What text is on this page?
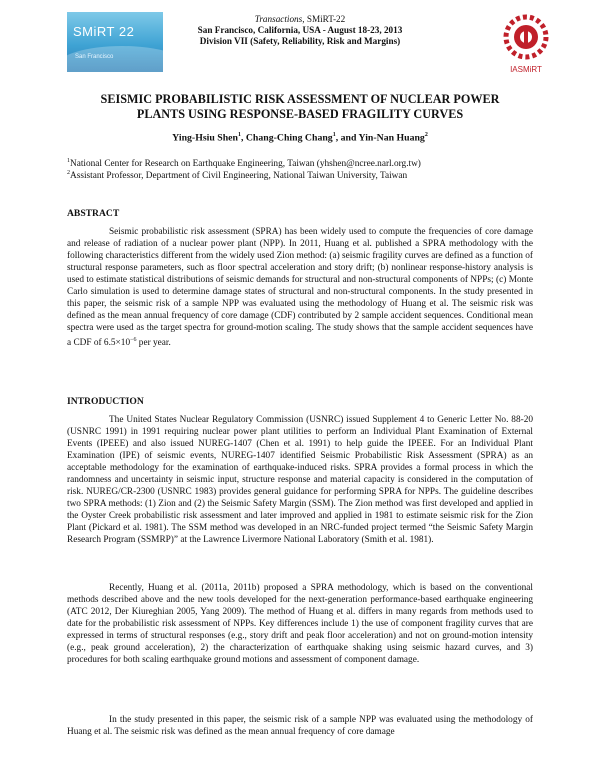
SMiRT 22
San Francisco
Transactions, SMiRT-22
San Francisco, California, USA - August 18-23, 2013
Division VII (Safety, Reliability, Risk and Margins)
IASMiRT
SEISMIC PROBABILISTIC RISK ASSESSMENT OF NUCLEAR POWER
PLANTS USING RESPONSE-BASED FRAGILITY CURVES
Ying-Hsiu Shen$^1$, Chang-Ching Chang$^1$, and Yin-Nan Huang$^2$
$^1$National Center for Research on Earthquake Engineering, Taiwan (yhshen@ncree.narl.org.tw)
$^2$Assistant Professor, Department of Civil Engineering, National Taiwan University, Taiwan
ABSTRACT

Seismic probabilistic risk assessment (SPRA) has been widely used to compute the frequencies of core damage and release of radiation of a nuclear power plant (NPP). In 2011, Huang et al. published a SPRA methodology with the following characteristics different from the widely used Zion method: (a) seismic fragility curves are defined as a function of structural response parameters, such as floor spectral acceleration and story drift; (b) nonlinear response-history analysis is used to estimate statistical distributions of seismic demands for structural and non-structural components of NPPs; (c) Monte Carlo simulation is used to determine damage states of structural and non-structural components. In the study presented in this paper, the seismic risk of a sample NPP was evaluated using the methodology of Huang et al. The seismic risk was defined as the mean annual frequency of core damage (CDF) contributed by 2 sample accident sequences. Conditional mean spectra were used as the target spectra for ground-motion scaling. The study shows that the sample accident sequences have a CDF of $6.5\times 10^{-6}$ per year.

INTRODUCTION

The United States Nuclear Regulatory Commission (USNRC) issued Supplement 4 to Generic Letter No. 88-20 (USNRC 1991) in 1991 requiring nuclear power plant utilities to perform an Individual Plant Examination of External Events (IPEEE) and also issued NUREG-1407 (Chen et al. 1991) to help guide the IPEEE. For an Individual Plant Examination (IPE) of seismic events, NUREG-1407 identified Seismic Probabilistic Risk Assessment (SPRA) as an acceptable methodology for the examination of earthquake-induced risks. SPRA provides a formal process in which the randomness and uncertainty in seismic input, structure response and material capacity is considered in the computation of risk. NUREG/CR-2300 (USNRC 1983) provides general guidance for performing SPRA for NPPs. The guideline describes two SPRA methods: (1) Zion and (2) the Seismic Safety Margin (SSM). The Zion method was first developed and applied in the Oyster Creek probabilistic risk assessment and later improved and applied in 1981 to estimate seismic risk for the Zion Plant (Pickard et al. 1981). The SSM method was developed in an NRC-funded project termed “the Seismic Safety Margin Research Program (SSMRP)” at the Lawrence Livermore National Laboratory (Smith et al. 1981).

Recently, Huang et al. (2011a, 2011b) proposed a SPRA methodology, which is based on the conventional methods described above and the new tools developed for the next-generation performance-based earthquake engineering (ATC 2012, Der Kiureghian 2005, Yang 2009). The method of Huang et al. differs in many regards from methods used to date for the probabilistic risk assessment of NPPs. Key differences include 1) the use of component fragility curves that are expressed in terms of structural responses (e.g., story drift and peak floor acceleration) and not on ground-motion intensity (e.g., peak ground acceleration), 2) the characterization of earthquake shaking using seismic hazard curves, and 3) procedures for both scaling earthquake ground motions and assessment of component damage.

In the study presented in this paper, the seismic risk of a sample NPP was evaluated using the methodology of Huang et al. The seismic risk was defined as the mean annual frequency of core damage
